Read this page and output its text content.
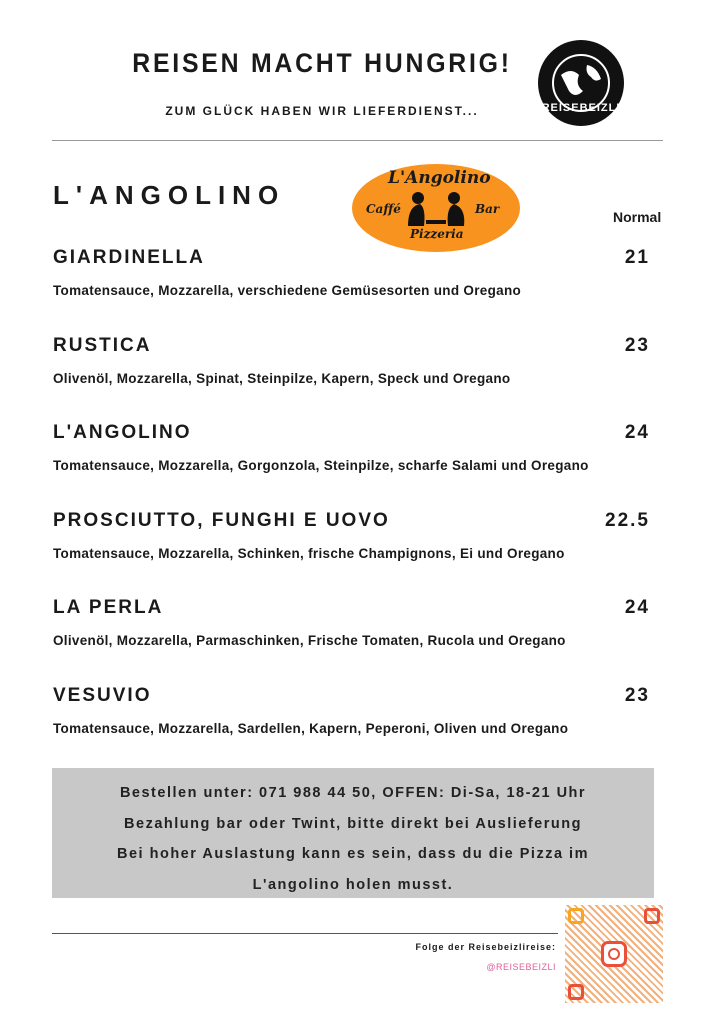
REISEN MACHT HUNGRIG!
ZUM GLÜCK HABEN WIR LIEFERDIENST...	REISEBEIZLI
L'ANGOLINO
L'Angolino
Caffé	Bar
Pizzeria
Normal
GIARDINELLA	21
Tomatensauce, Mozzarella, verschiedene Gemüsesorten und Oregano
RUSTICA	23
Olivenöl, Mozzarella, Spinat, Steinpilze, Kapern, Speck und Oregano
L'ANGOLINO	24
Tomatensauce, Mozzarella, Gorgonzola, Steinpilze, scharfe Salami und Oregano
PROSCIUTTO, FUNGHI E UOVO	22.5
Tomatensauce, Mozzarella, Schinken, frische Champignons, Ei und Oregano
LA PERLA	24
Olivenöl, Mozzarella, Parmaschinken, Frische Tomaten, Rucola und Oregano
VESUVIO	23
Tomatensauce, Mozzarella, Sardellen, Kapern, Peperoni, Oliven und Oregano
Bestellen unter: 071 988 44 50, OFFEN: Di-Sa, 18-21 Uhr
Bezahlung bar oder Twint, bitte direkt bei Auslieferung
Bei hoher Auslastung kann es sein, dass du die Pizza im
L'angolino holen musst.
Folge der Reisebeizlireise:
@REISEBEIZLI
